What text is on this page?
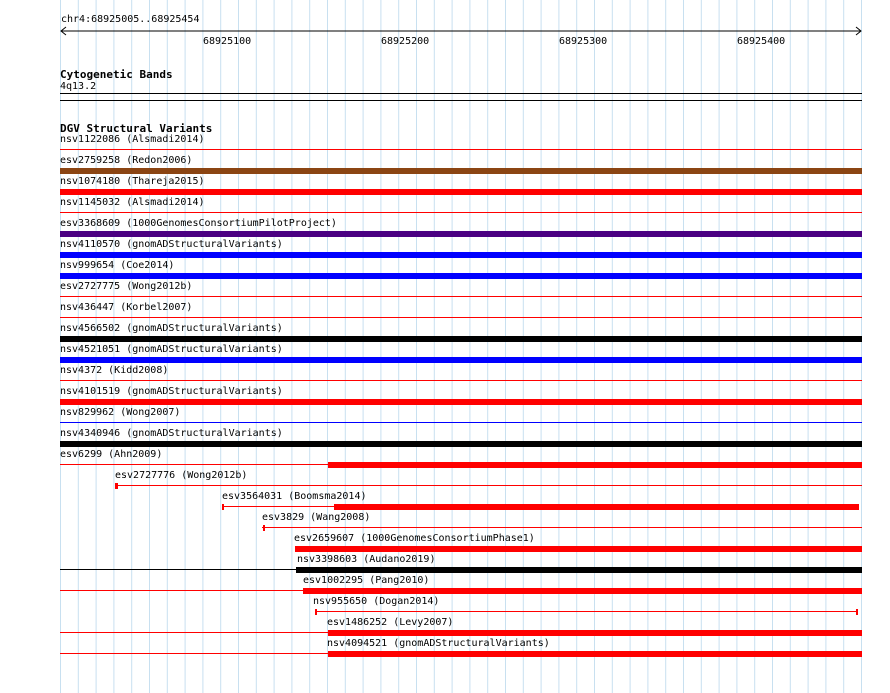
chr4:68925005..68925454
68925100	68925200	68925300	68925400
Cytogenetic Bands
4q13.2
DGV Structural Variants
nsv1122086 (Alsmadi2014)
esv2759258 (Redon2006)
nsv1074180 (Thareja2015)
nsv1145032 (Alsmadi2014)
esv3368609 (1000GenomesConsortiumPilotProject)
nsv4110570 (gnomADStructuralVariants)
nsv999654 (Coe2014)
esv2727775 (Wong2012b)
nsv436447 (Korbel2007)
nsv4566502 (gnomADStructuralVariants)
nsv4521051 (gnomADStructuralVariants)
nsv4372 (Kidd2008)
nsv4101519 (gnomADStructuralVariants)
nsv829962 (Wong2007)
nsv4340946 (gnomADStructuralVariants)
esv6299 (Ahn2009)
esv2727776 (Wong2012b)
esv3564031 (Boomsma2014)
esv3829 (Wang2008)
esv2659607 (1000GenomesConsortiumPhase1)
nsv3398603 (Audano2019)
esv1002295 (Pang2010)
nsv955650 (Dogan2014)
esv1486252 (Levy2007)
nsv4094521 (gnomADStructuralVariants)
